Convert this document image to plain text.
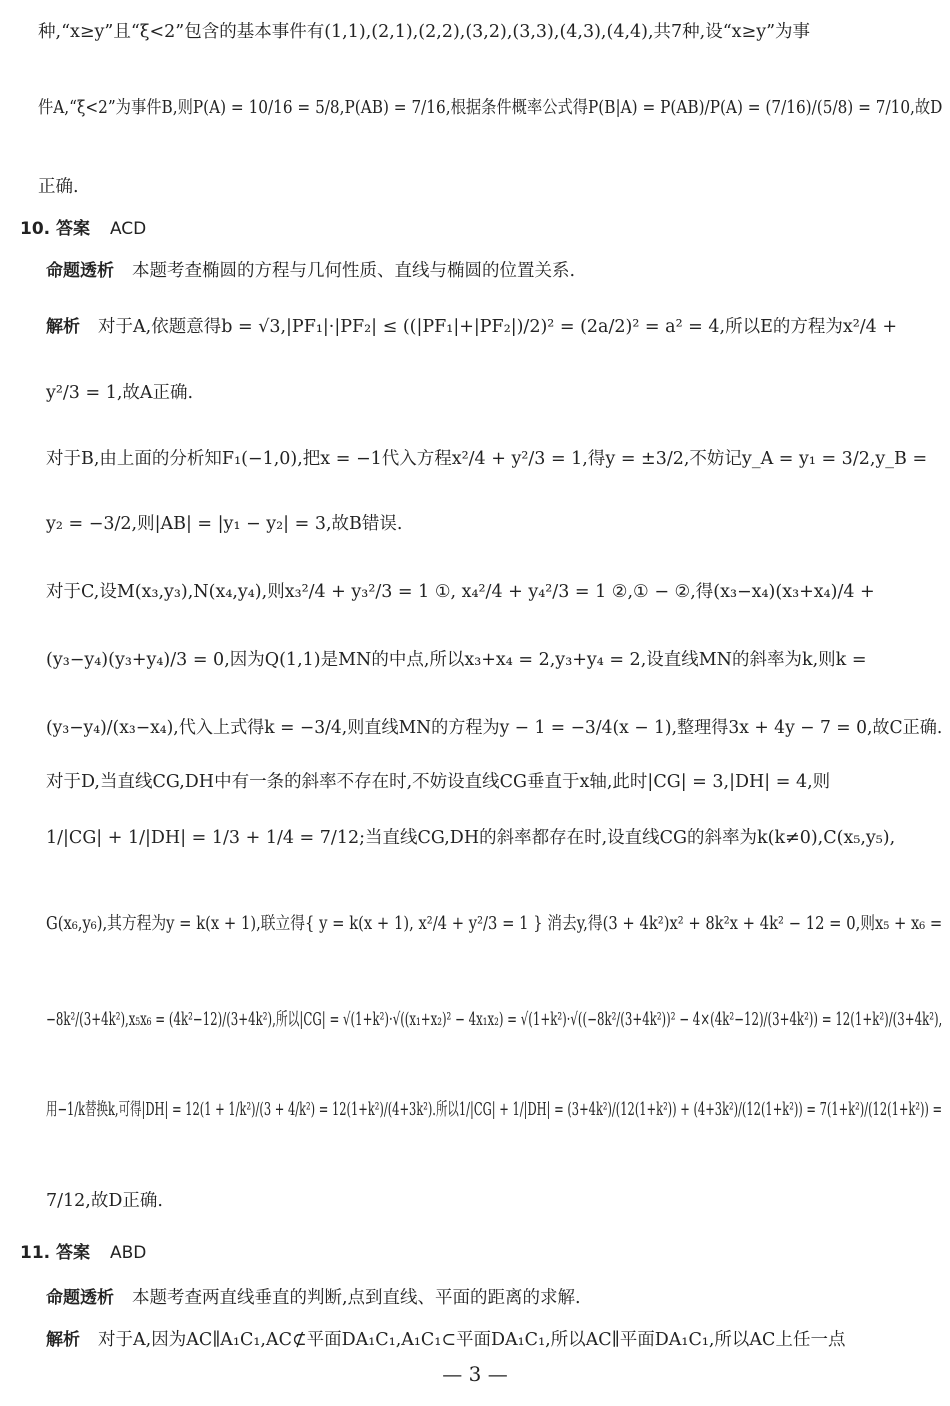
种,“x≥y”且“ξ<2”包含的基本事件有(1,1),(2,1),(2,2),(3,2),(3,3),(4,3),(4,4),共7种,设“x≥y”为事
件A,“ξ<2”为事件B,则P(A) = 10/16 = 5/8,P(AB) = 7/16,根据条件概率公式得P(B|A) = P(AB)/P(A) = (7/16)/(5/8) = 7/10,故D
正确.
10. 答案 ACD
命题透析 本题考查椭圆的方程与几何性质、直线与椭圆的位置关系.
解析 对于A,依题意得b = √3,|PF₁|·|PF₂| ≤ ((|PF₁|+|PF₂|)/2)² = (2a/2)² = a² = 4,所以E的方程为x²/4 +
y²/3 = 1,故A正确.
对于B,由上面的分析知F₁(−1,0),把x = −1代入方程x²/4 + y²/3 = 1,得y = ±3/2,不妨记y_A = y₁ = 3/2,y_B =
y₂ = −3/2,则|AB| = |y₁ − y₂| = 3,故B错误.
对于C,设M(x₃,y₃),N(x₄,y₄),则x₃²/4 + y₃²/3 = 1 ①, x₄²/4 + y₄²/3 = 1 ②,① − ②,得(x₃−x₄)(x₃+x₄)/4 +
(y₃−y₄)(y₃+y₄)/3 = 0,因为Q(1,1)是MN的中点,所以x₃+x₄ = 2,y₃+y₄ = 2,设直线MN的斜率为k,则k =
(y₃−y₄)/(x₃−x₄),代入上式得k = −3/4,则直线MN的方程为y − 1 = −3/4(x − 1),整理得3x + 4y − 7 = 0,故C正确.
对于D,当直线CG,DH中有一条的斜率不存在时,不妨设直线CG垂直于x轴,此时|CG| = 3,|DH| = 4,则
1/|CG| + 1/|DH| = 1/3 + 1/4 = 7/12;当直线CG,DH的斜率都存在时,设直线CG的斜率为k(k≠0),C(x₅,y₅),
G(x₆,y₆),其方程为y = k(x + 1),联立得{ y = k(x + 1), x²/4 + y²/3 = 1 } 消去y,得(3 + 4k²)x² + 8k²x + 4k² − 12 = 0,则x₅ + x₆ =
−8k²/(3+4k²),x₅x₆ = (4k²−12)/(3+4k²),所以|CG| = √(1+k²)·√((x₁+x₂)² − 4x₁x₂) = √(1+k²)·√((−8k²/(3+4k²))² − 4×(4k²−12)/(3+4k²)) = 12(1+k²)/(3+4k²),
用−1/k替换k,可得|DH| = 12(1 + 1/k²)/(3 + 4/k²) = 12(1+k²)/(4+3k²).所以1/|CG| + 1/|DH| = (3+4k²)/(12(1+k²)) + (4+3k²)/(12(1+k²)) = 7(1+k²)/(12(1+k²)) =
7/12,故D正确.
11. 答案 ABD
命题透析 本题考查两直线垂直的判断,点到直线、平面的距离的求解.
解析 对于A,因为AC∥A₁C₁,AC⊄平面DA₁C₁,A₁C₁⊂平面DA₁C₁,所以AC∥平面DA₁C₁,所以AC上任一点
— 3 —
